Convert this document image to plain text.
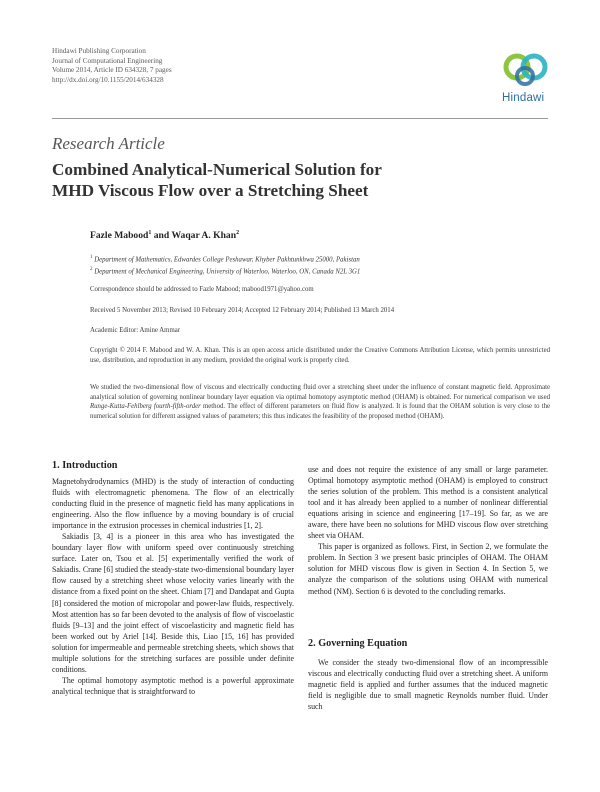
Hindawi Publishing Corporation
Journal of Computational Engineering
Volume 2014, Article ID 634328, 7 pages
http://dx.doi.org/10.1155/2014/634328
Hindawi
Research Article
Combined Analytical-Numerical Solution for
MHD Viscous Flow over a Stretching Sheet
Fazle Mabood$^1$ and Waqar A. Khan$^2$
$^1$ Department of Mathematics, Edwardes College Peshawar, Khyber Pakhtunkhwa 25000, Pakistan
$^2$ Department of Mechanical Engineering, University of Waterloo, Waterloo, ON, Canada N2L 3G1
Correspondence should be addressed to Fazle Mabood; mabood1971@yahoo.com
Received 5 November 2013; Revised 10 February 2014; Accepted 12 February 2014; Published 13 March 2014
Academic Editor: Amine Ammar
Copyright © 2014 F. Mabood and W. A. Khan. This is an open access article distributed under the Creative Commons Attribution License, which permits unrestricted use, distribution, and reproduction in any medium, provided the original work is properly cited.
We studied the two-dimensional flow of viscous and electrically conducting fluid over a stretching sheet under the influence of constant magnetic field. Approximate analytical solution of governing nonlinear boundary layer equation via optimal homotopy asymptotic method (OHAM) is obtained. For numerical comparison we used Runge-Kutta-Fehlberg fourth-fifth-order method. The effect of different parameters on fluid flow is analyzed. It is found that the OHAM solution is very close to the numerical solution for different assigned values of parameters; this thus indicates the feasibility of the proposed method (OHAM).
1. Introduction

Magnetohydrodynamics (MHD) is the study of interaction of conducting fluids with electromagnetic phenomena. The flow of an electrically conducting fluid in the presence of magnetic field has many applications in engineering. Also the flow influence by a moving boundary is of crucial importance in the extrusion processes in chemical industries [1, 2].

Sakiadis [3, 4] is a pioneer in this area who has investigated the boundary layer flow with uniform speed over continuously stretching surface. Later on, Tsou et al. [5] experimentally verified the work of Sakiadis. Crane [6] studied the steady-state two-dimensional boundary layer flow caused by a stretching sheet whose velocity varies linearly with the distance from a fixed point on the sheet. Chiam [7] and Dandapat and Gupta [8] considered the motion of micropolar and power-law fluids, respectively. Most attention has so far been devoted to the analysis of flow of viscoelastic fluids [9–13] and the joint effect of viscoelasticity and magnetic field has been worked out by Ariel [14]. Beside this, Liao [15, 16] has provided solution for impermeable and permeable stretching sheets, which shows that multiple solutions for the stretching surfaces are possible under definite conditions.

The optimal homotopy asymptotic method is a powerful approximate analytical technique that is straightforward to

use and does not require the existence of any small or large parameter. Optimal homotopy asymptotic method (OHAM) is employed to construct the series solution of the problem. This method is a consistent analytical tool and it has already been applied to a number of nonlinear differential equations arising in science and engineering [17–19]. So far, as we are aware, there have been no solutions for MHD viscous flow over stretching sheet via OHAM.

This paper is organized as follows. First, in Section 2, we formulate the problem. In Section 3 we present basic principles of OHAM. The OHAM solution for MHD viscous flow is given in Section 4. In Section 5, we analyze the comparison of the solutions using OHAM with numerical method (NM). Section 6 is devoted to the concluding remarks.

2. Governing Equation

We consider the steady two-dimensional flow of an incompressible viscous and electrically conducting fluid over a stretching sheet. A uniform magnetic field is applied and further assumes that the induced magnetic field is negligible due to small magnetic Reynolds number fluid. Under such
